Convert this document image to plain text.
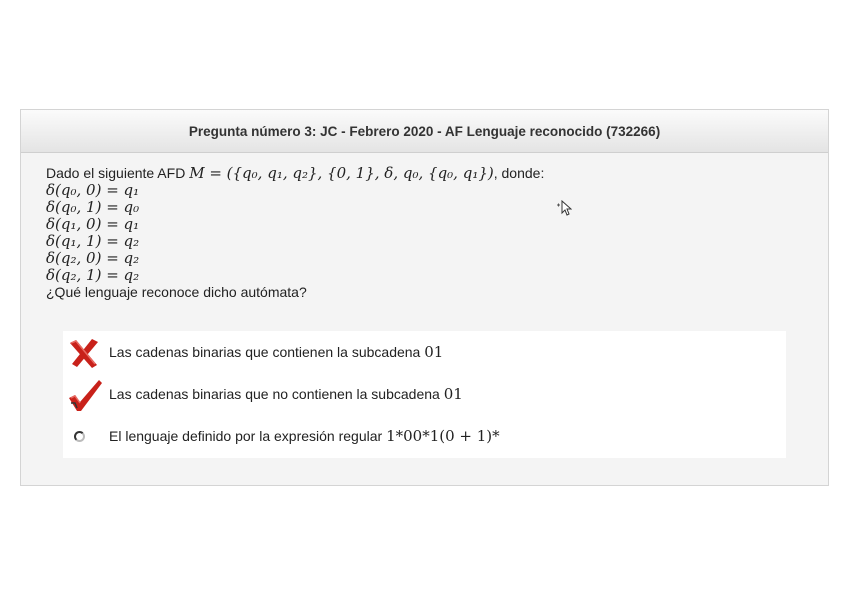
Pregunta número 3: JC - Febrero 2020 - AF Lenguaje reconocido (732266)
Dado el siguiente AFD M = ({q₀, q₁, q₂}, {0, 1}, δ, q₀, {q₀, q₁}), donde:
δ(q₀, 0) = q₁
δ(q₀, 1) = q₀
δ(q₁, 0) = q₁
δ(q₁, 1) = q₂
δ(q₂, 0) = q₂
δ(q₂, 1) = q₂
¿Qué lenguaje reconoce dicho autómata?
Las cadenas binarias que contienen la subcadena 01
Las cadenas binarias que no contienen la subcadena 01
El lenguaje definido por la expresión regular 1*00*1(0 + 1)*
